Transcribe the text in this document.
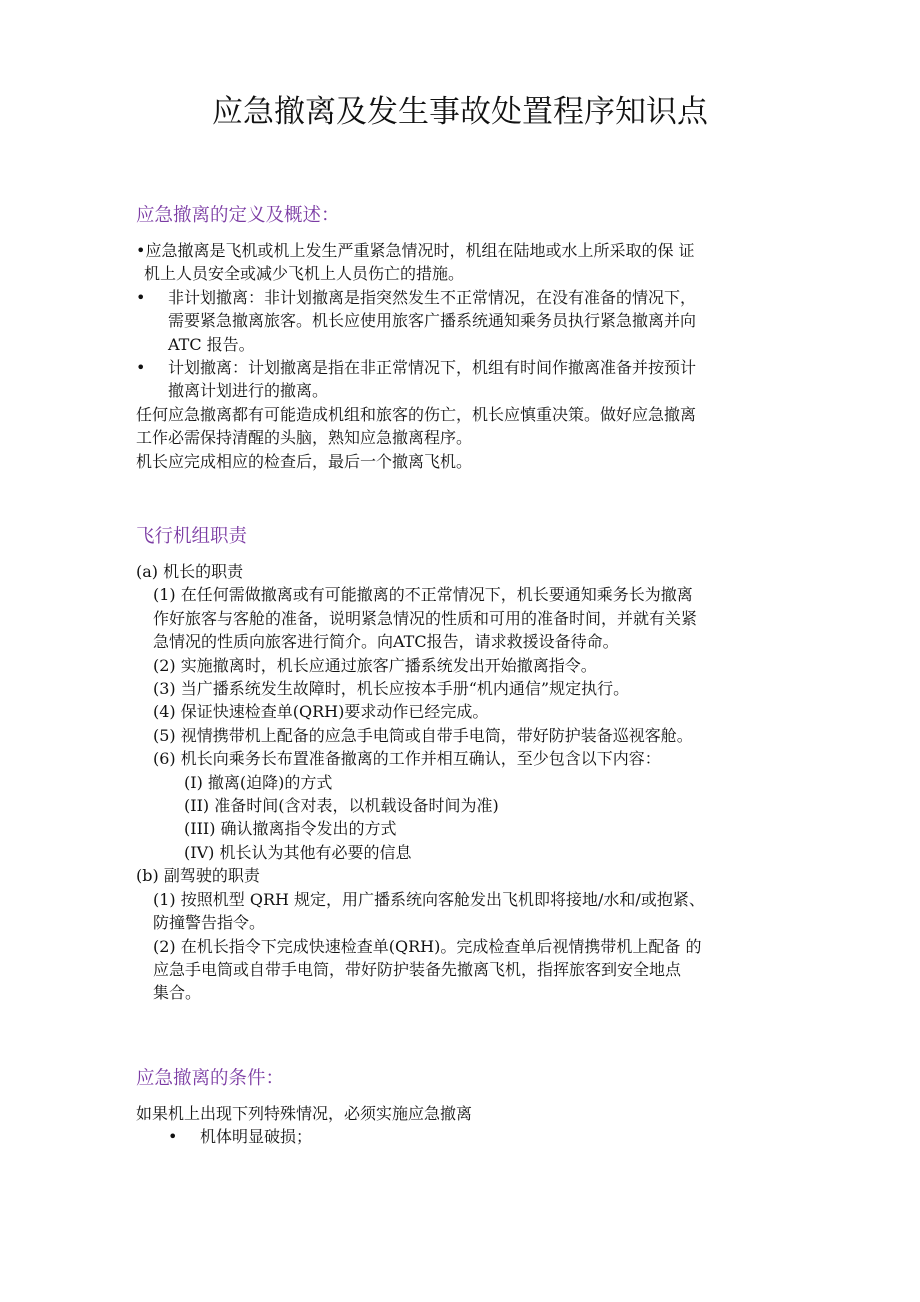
应急撤离及发生事故处置程序知识点

应急撤离的定义及概述：

•应急撤离是飞机或机上发生严重紧急情况时，机组在陆地或水上所采取的保 证

机上人员安全或减少飞机上人员伤亡的措施。

•	非计划撤离：非计划撤离是指突然发生不正常情况，在没有准备的情况下，

需要紧急撤离旅客。机长应使用旅客广播系统通知乘务员执行紧急撤离并向

ATC 报告。

•	计划撤离：计划撤离是指在非正常情况下，机组有时间作撤离准备并按预计

撤离计划进行的撤离。

任何应急撤离都有可能造成机组和旅客的伤亡，机长应慎重决策。做好应急撤离

工作必需保持清醒的头脑，熟知应急撤离程序。

机长应完成相应的检查后，最后一个撤离飞机。

飞行机组职责

(a) 机长的职责

(1) 在任何需做撤离或有可能撤离的不正常情况下，机长要通知乘务长为撤离

作好旅客与客舱的准备，说明紧急情况的性质和可用的准备时间，并就有关紧

急情况的性质向旅客进行简介。向ATC报告，请求救援设备待命。

(2) 实施撤离时，机长应通过旅客广播系统发出开始撤离指令。

(3) 当广播系统发生故障时，机长应按本手册“机内通信”规定执行。

(4) 保证快速检查单(QRH)要求动作已经完成。

(5) 视情携带机上配备的应急手电筒或自带手电筒，带好防护装备巡视客舱。

(6) 机长向乘务长布置准备撤离的工作并相互确认，至少包含以下内容：

(I) 撤离(迫降)的方式

(II) 准备时间(含对表，以机载设备时间为准)

(III) 确认撤离指令发出的方式

(IV) 机长认为其他有必要的信息

(b) 副驾驶的职责

(1) 按照机型 QRH 规定，用广播系统向客舱发出飞机即将接地/水和/或抱紧、

防撞警告指令。

(2) 在机长指令下完成快速检查单(QRH)。完成检查单后视情携带机上配备 的

应急手电筒或自带手电筒，带好防护装备先撤离飞机，指挥旅客到安全地点

集合。

应急撤离的条件：

如果机上出现下列特殊情况，必须实施应急撤离

•	机体明显破损；
